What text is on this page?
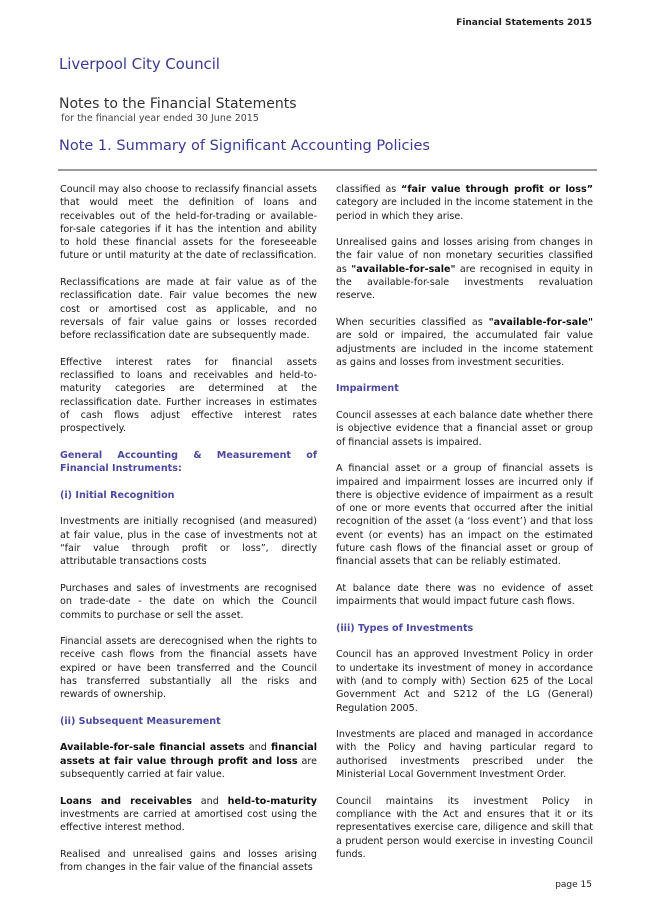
Financial Statements 2015
Liverpool City Council
Notes to the Financial Statements
for the financial year ended 30 June 2015
Note 1. Summary of Significant Accounting Policies

Council may also choose to reclassify financial assets that would meet the definition of loans and receivables out of the held-for-trading or available-for-sale categories if it has the intention and ability to hold these financial assets for the foreseeable future or until maturity at the date of reclassification.

Reclassifications are made at fair value as of the reclassification date. Fair value becomes the new cost or amortised cost as applicable, and no reversals of fair value gains or losses recorded before reclassification date are subsequently made.

Effective interest rates for financial assets reclassified to loans and receivables and held-to-maturity categories are determined at the reclassification date. Further increases in estimates of cash flows adjust effective interest rates prospectively.

General Accounting & Measurement of Financial Instruments:
(i) Initial Recognition

Investments are initially recognised (and measured) at fair value, plus in the case of investments not at “fair value through profit or loss”, directly attributable transactions costs

Purchases and sales of investments are recognised on trade-date - the date on which the Council commits to purchase or sell the asset.

Financial assets are derecognised when the rights to receive cash flows from the financial assets have expired or have been transferred and the Council has transferred substantially all the risks and rewards of ownership.

(ii) Subsequent Measurement

Available-for-sale financial assets and financial assets at fair value through profit and loss are subsequently carried at fair value.

Loans and receivables and held-to-maturity investments are carried at amortised cost using the effective interest method.

Realised and unrealised gains and losses arising from changes in the fair value of the financial assets

classified as “fair value through profit or loss” category are included in the income statement in the period in which they arise.

Unrealised gains and losses arising from changes in the fair value of non monetary securities classified as "available-for-sale" are recognised in equity in the available-for-sale investments revaluation reserve.

When securities classified as "available-for-sale" are sold or impaired, the accumulated fair value adjustments are included in the income statement as gains and losses from investment securities.

Impairment

Council assesses at each balance date whether there is objective evidence that a financial asset or group of financial assets is impaired.

A financial asset or a group of financial assets is impaired and impairment losses are incurred only if there is objective evidence of impairment as a result of one or more events that occurred after the initial recognition of the asset (a ‘loss event’) and that loss event (or events) has an impact on the estimated future cash flows of the financial asset or group of financial assets that can be reliably estimated.

At balance date there was no evidence of asset impairments that would impact future cash flows.

(iii) Types of Investments

Council has an approved Investment Policy in order to undertake its investment of money in accordance with (and to comply with) Section 625 of the Local Government Act and S212 of the LG (General) Regulation 2005.

Investments are placed and managed in accordance with the Policy and having particular regard to authorised investments prescribed under the Ministerial Local Government Investment Order.

Council maintains its investment Policy in compliance with the Act and ensures that it or its representatives exercise care, diligence and skill that a prudent person would exercise in investing Council funds.

page 15
